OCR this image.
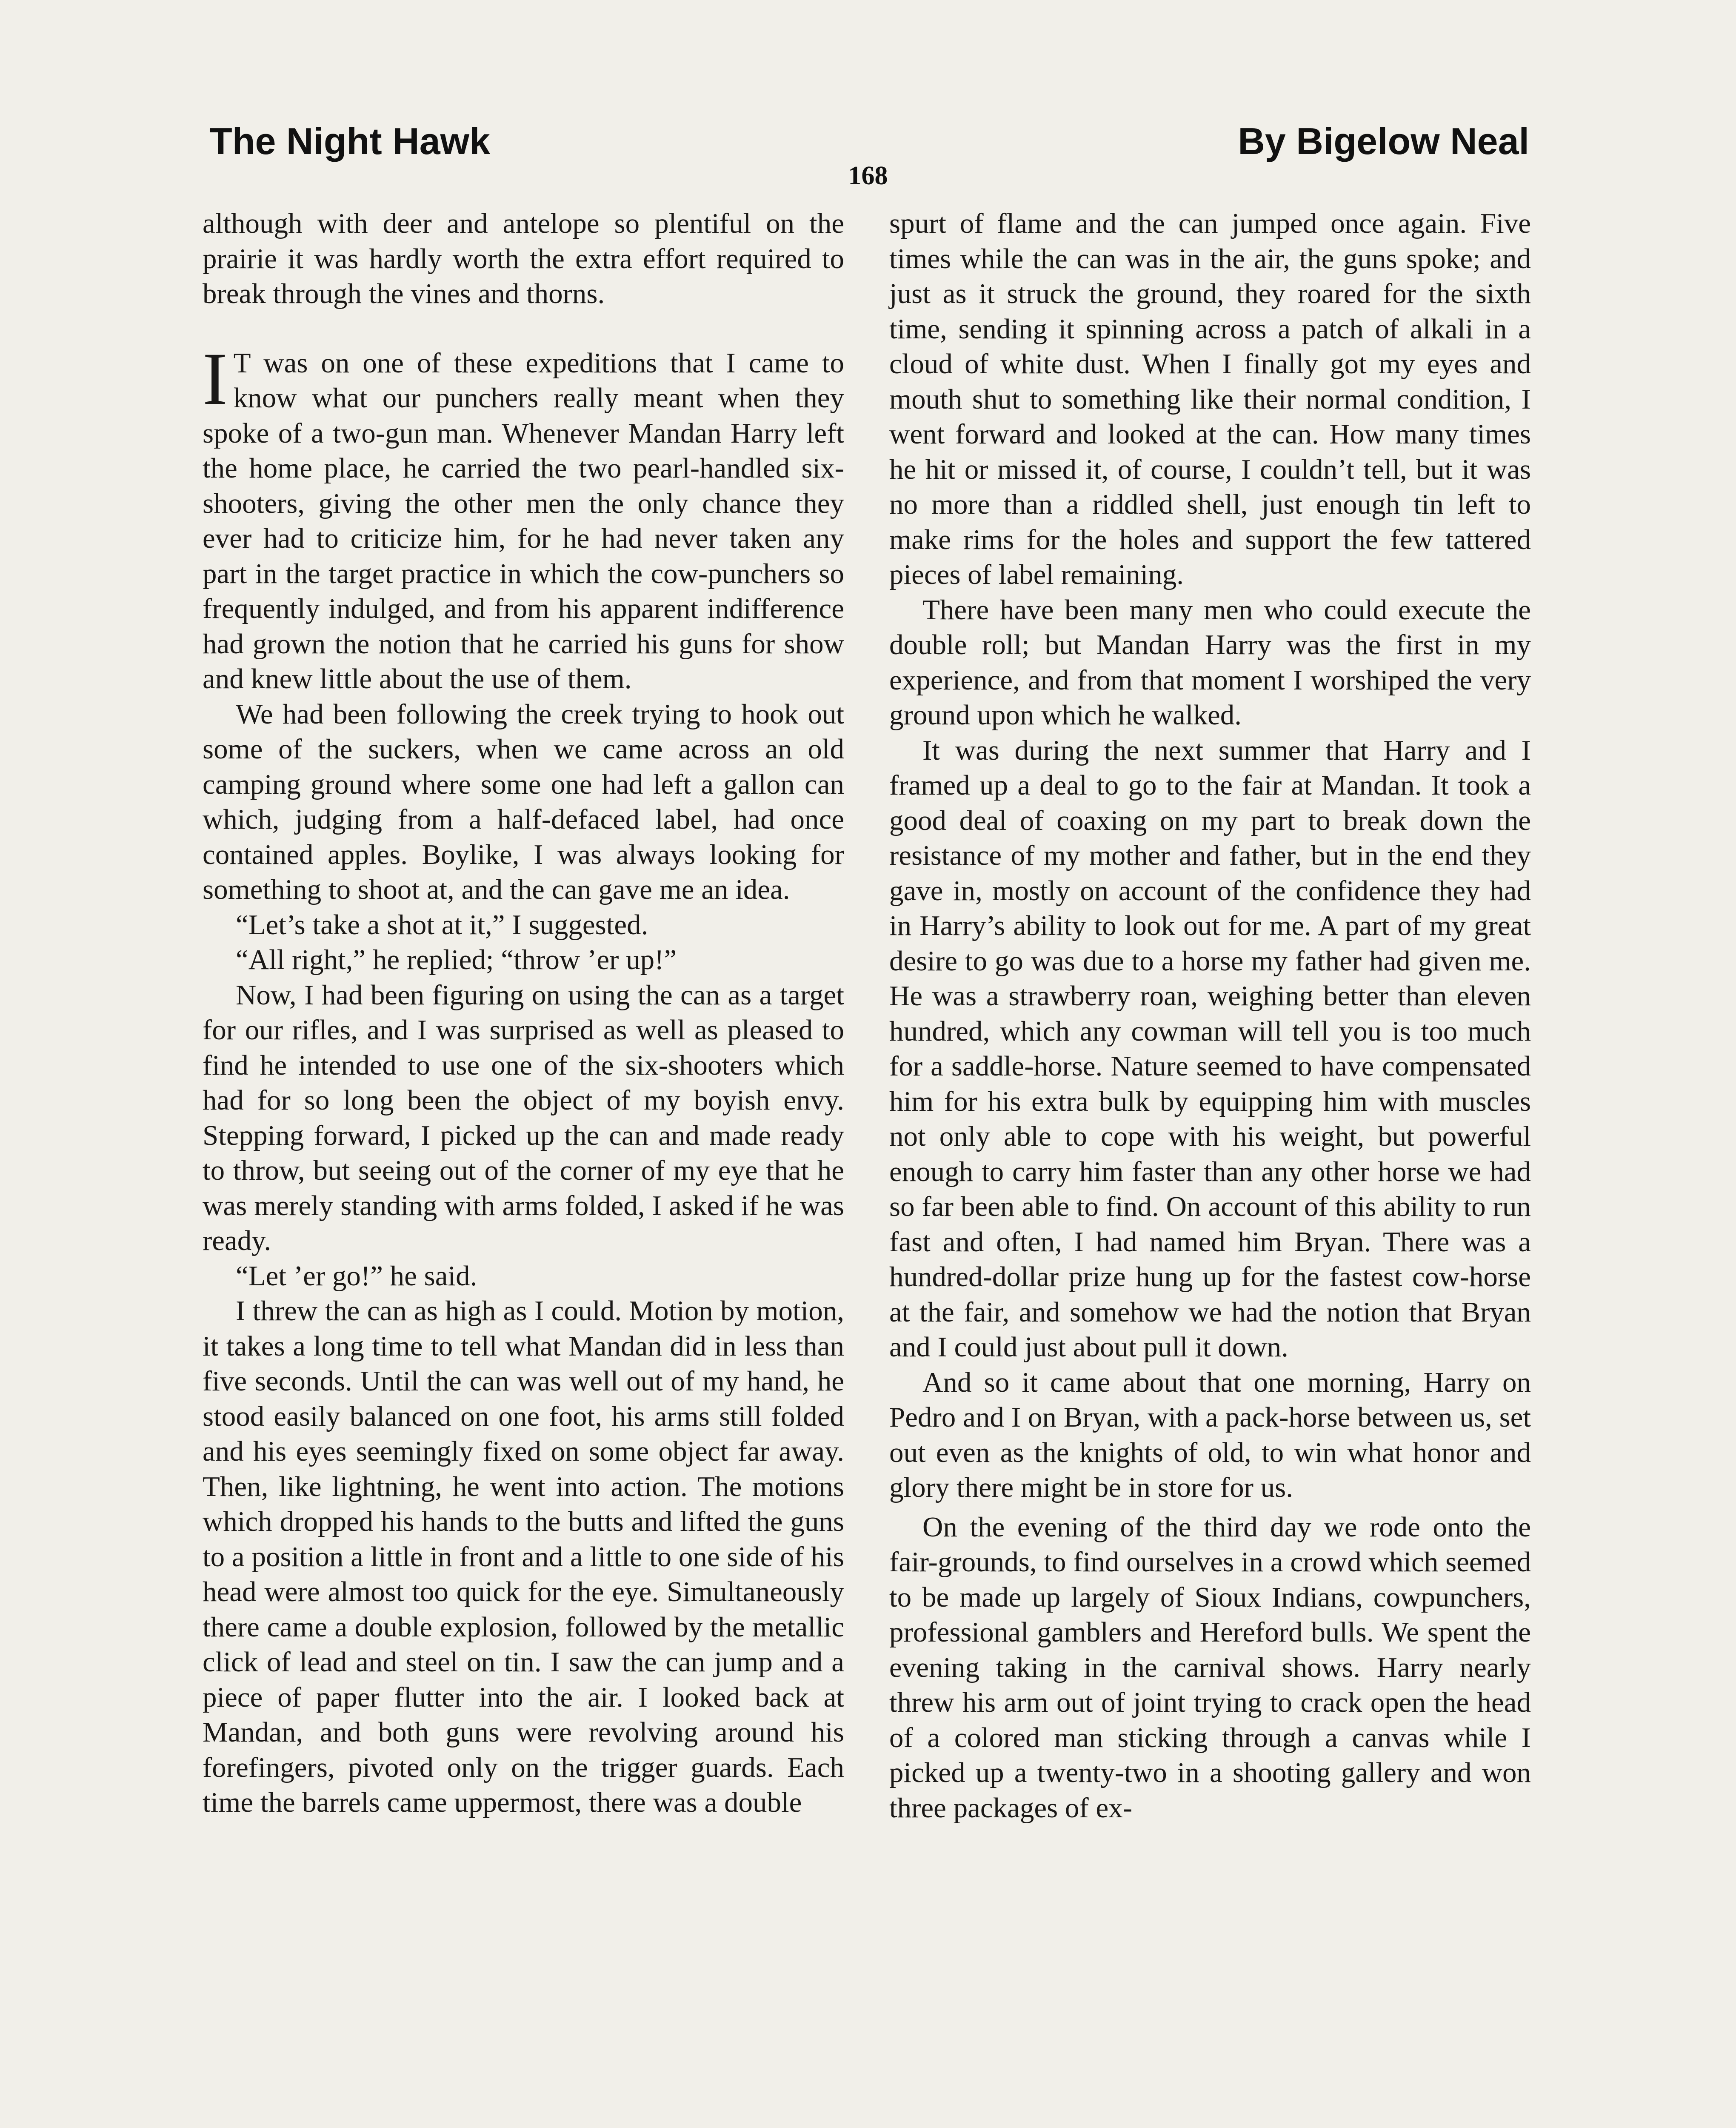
The Night Hawk	By Bigelow Neal
168

although with deer and antelope so plentiful on the prairie it was hardly worth the extra effort required to break through the vines and thorns.

I T was on one of these expeditions that I came to know what our punchers really meant when they spoke of a two-gun man. Whenever Mandan Harry left the home place, he carried the two pearl-handled six-shooters, giving the other men the only chance they ever had to criticize him, for he had never taken any part in the target practice in which the cow-punchers so frequently indulged, and from his apparent indifference had grown the notion that he carried his guns for show and knew little about the use of them.

We had been following the creek trying to hook out some of the suckers, when we came across an old camping ground where some one had left a gallon can which, judging from a half-defaced label, had once contained apples. Boylike, I was always looking for something to shoot at, and the can gave me an idea.

“Let’s take a shot at it,” I suggested.

“All right,” he replied; “throw ’er up!”

Now, I had been figuring on using the can as a target for our rifles, and I was surprised as well as pleased to find he intended to use one of the six-shooters which had for so long been the object of my boyish envy. Stepping forward, I picked up the can and made ready to throw, but seeing out of the corner of my eye that he was merely standing with arms folded, I asked if he was ready.

“Let ’er go!” he said.

I threw the can as high as I could. Motion by motion, it takes a long time to tell what Mandan did in less than five seconds. Until the can was well out of my hand, he stood easily balanced on one foot, his arms still folded and his eyes seemingly fixed on some object far away. Then, like lightning, he went into action. The motions which dropped his hands to the butts and lifted the guns to a position a little in front and a little to one side of his head were almost too quick for the eye. Simultaneously there came a double explosion, followed by the metallic click of lead and steel on tin. I saw the can jump and a piece of paper flutter into the air. I looked back at Mandan, and both guns were revolving around his forefingers, pivoted only on the trigger guards. Each time the barrels came uppermost, there was a double

spurt of flame and the can jumped once again. Five times while the can was in the air, the guns spoke; and just as it struck the ground, they roared for the sixth time, sending it spinning across a patch of alkali in a cloud of white dust. When I finally got my eyes and mouth shut to something like their normal condition, I went forward and looked at the can. How many times he hit or missed it, of course, I couldn’t tell, but it was no more than a riddled shell, just enough tin left to make rims for the holes and support the few tattered pieces of label remaining.

There have been many men who could execute the double roll; but Mandan Harry was the first in my experience, and from that moment I worshiped the very ground upon which he walked.

It was during the next summer that Harry and I framed up a deal to go to the fair at Mandan. It took a good deal of coaxing on my part to break down the resistance of my mother and father, but in the end they gave in, mostly on account of the confidence they had in Harry’s ability to look out for me. A part of my great desire to go was due to a horse my father had given me. He was a strawberry roan, weighing better than eleven hundred, which any cowman will tell you is too much for a saddle-horse. Nature seemed to have compensated him for his extra bulk by equipping him with muscles not only able to cope with his weight, but powerful enough to carry him faster than any other horse we had so far been able to find. On account of this ability to run fast and often, I had named him Bryan. There was a hundred-dollar prize hung up for the fastest cow-horse at the fair, and somehow we had the notion that Bryan and I could just about pull it down.

And so it came about that one morning, Harry on Pedro and I on Bryan, with a pack-horse between us, set out even as the knights of old, to win what honor and glory there might be in store for us.

On the evening of the third day we rode onto the fair-grounds, to find ourselves in a crowd which seemed to be made up largely of Sioux Indians, cowpunchers, professional gamblers and Hereford bulls. We spent the evening taking in the carnival shows. Harry nearly threw his arm out of joint trying to crack open the head of a colored man sticking through a canvas while I picked up a twenty-two in a shooting gallery and won three packages of ex-
